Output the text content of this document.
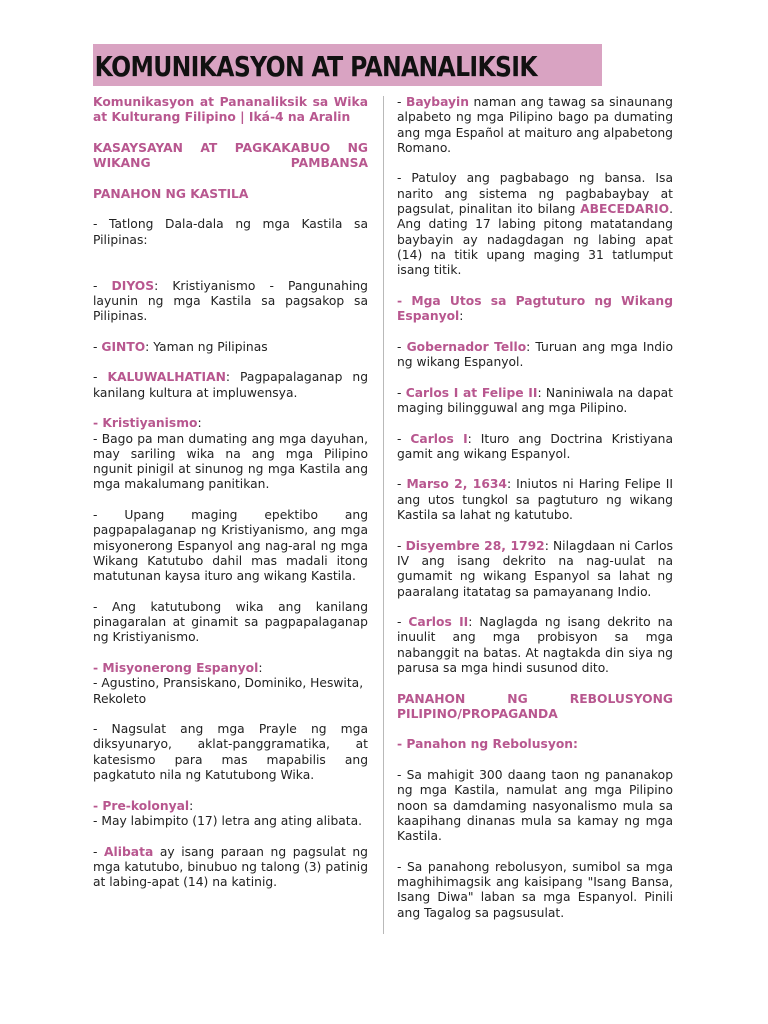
KOMUNIKASYON AT PANANALIKSIK

Komunikasyon at Pananaliksik sa Wika at Kulturang Filipino | Iká-4 na Aralin

KASAYSAYAN AT PAGKAKABUO NG WIKANG PAMBANSA

PANAHON NG KASTILA

- Tatlong Dala-dala ng mga Kastila sa Pilipinas:

- DIYOS: Kristiyanismo - Pangunahing layunin ng mga Kastila sa pagsakop sa Pilipinas.

- GINTO: Yaman ng Pilipinas

- KALUWALHATIAN: Pagpapalaganap ng kanilang kultura at impluwensya.

- Kristiyanismo:

- Bago pa man dumating ang mga dayuhan, may sariling wika na ang mga Pilipino ngunit pinigil at sinunog ng mga Kastila ang mga makalumang panitikan.

- Upang maging epektibo ang pagpapalaganap ng Kristiyanismo, ang mga misyonerong Espanyol ang nag-aral ng mga Wikang Katutubo dahil mas madali itong matutunan kaysa ituro ang wikang Kastila.

- Ang katutubong wika ang kanilang pinagaralan at ginamit sa pagpapalaganap ng Kristiyanismo.

- Misyonerong Espanyol:

- Agustino, Pransiskano, Dominiko, Heswita, Rekoleto

- Nagsulat ang mga Prayle ng mga diksyunaryo, aklat-panggramatika, at katesismo para mas mapabilis ang pagkatuto nila ng Katutubong Wika.

- Pre-kolonyal:

- May labimpito (17) letra ang ating alibata.

- Alibata ay isang paraan ng pagsulat ng mga katutubo, binubuo ng talong (3) patinig at labing-apat (14) na katinig.

- Baybayin naman ang tawag sa sinaunang alpabeto ng mga Pilipino bago pa dumating ang mga Español at maituro ang alpabetong Romano.

- Patuloy ang pagbabago ng bansa. Isa narito ang sistema ng pagbabaybay at pagsulat, pinalitan ito bilang ABECEDARIO. Ang dating 17 labing pitong matatandang baybayin ay nadagdagan ng labing apat (14) na titik upang maging 31 tatlumput isang titik.

- Mga Utos sa Pagtuturo ng Wikang Espanyol:

- Gobernador Tello: Turuan ang mga Indio ng wikang Espanyol.

- Carlos I at Felipe II: Naniniwala na dapat maging bilingguwal ang mga Pilipino.

- Carlos I: Ituro ang Doctrina Kristiyana gamit ang wikang Espanyol.

- Marso 2, 1634: Iniutos ni Haring Felipe II ang utos tungkol sa pagtuturo ng wikang Kastila sa lahat ng katutubo.

- Disyembre 28, 1792: Nilagdaan ni Carlos IV ang isang dekrito na nag-uulat na gumamit ng wikang Espanyol sa lahat ng paaralang itatatag sa pamayanang Indio.

- Carlos II: Naglagda ng isang dekrito na inuulit ang mga probisyon sa mga nabanggit na batas. At nagtakda din siya ng parusa sa mga hindi susunod dito.

PANAHON NG REBOLUSYONG PILIPINO/PROPAGANDA

- Panahon ng Rebolusyon:

- Sa mahigit 300 daang taon ng pananakop ng mga Kastila, namulat ang mga Pilipino noon sa damdaming nasyonalismo mula sa kaapihang dinanas mula sa kamay ng mga Kastila.

- Sa panahong rebolusyon, sumibol sa mga maghihimagsik ang kaisipang "Isang Bansa, Isang Diwa" laban sa mga Espanyol. Pinili ang Tagalog sa pagsusulat.
